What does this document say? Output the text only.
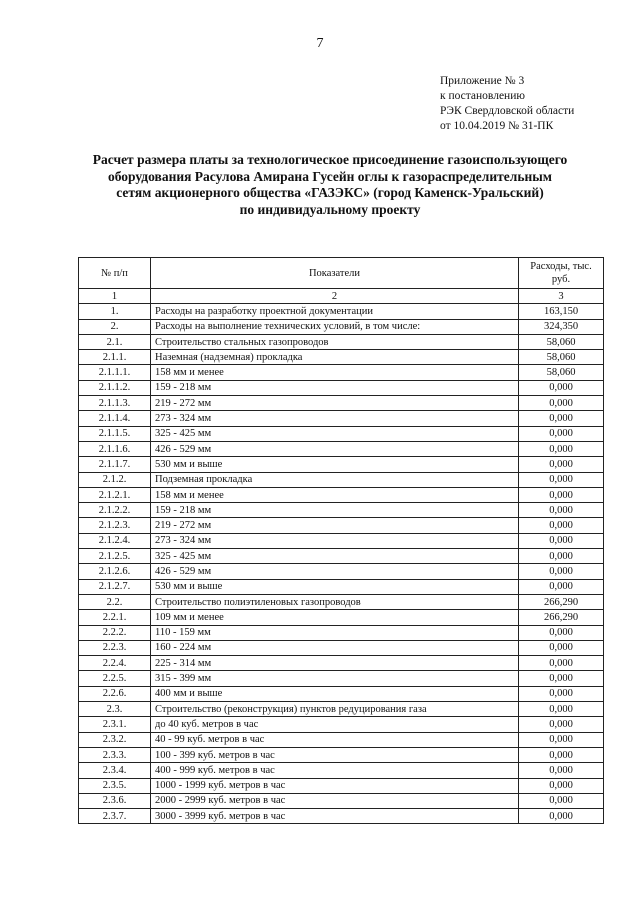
7
Приложение № 3
к постановлению
РЭК Свердловской области
от 10.04.2019 № 31-ПК
Расчет размера платы за технологическое присоединение газоиспользующего
оборудования Расулова Амирана Гусейн оглы к газораспределительным
сетям акционерного общества «ГАЗЭКС» (город Каменск-Уральский)
по индивидуальному проекту
№ п/п	Показатели	Расходы, тыс. руб.
1	2	3
1.	Расходы на разработку проектной документации	163,150
2.	Расходы на выполнение технических условий, в том числе:	324,350
2.1.	Строительство стальных газопроводов	58,060
2.1.1.	Наземная (надземная) прокладка	58,060
2.1.1.1.	158 мм и менее	58,060
2.1.1.2.	159 - 218 мм	0,000
2.1.1.3.	219 - 272 мм	0,000
2.1.1.4.	273 - 324 мм	0,000
2.1.1.5.	325 - 425 мм	0,000
2.1.1.6.	426 - 529 мм	0,000
2.1.1.7.	530 мм и выше	0,000
2.1.2.	Подземная прокладка	0,000
2.1.2.1.	158 мм и менее	0,000
2.1.2.2.	159 - 218 мм	0,000
2.1.2.3.	219 - 272 мм	0,000
2.1.2.4.	273 - 324 мм	0,000
2.1.2.5.	325 - 425 мм	0,000
2.1.2.6.	426 - 529 мм	0,000
2.1.2.7.	530 мм и выше	0,000
2.2.	Строительство полиэтиленовых газопроводов	266,290
2.2.1.	109 мм и менее	266,290
2.2.2.	110 - 159 мм	0,000
2.2.3.	160 - 224 мм	0,000
2.2.4.	225 - 314 мм	0,000
2.2.5.	315 - 399 мм	0,000
2.2.6.	400 мм и выше	0,000
2.3.	Строительство (реконструкция) пунктов редуцирования газа	0,000
2.3.1.	до 40 куб. метров в час	0,000
2.3.2.	40 - 99 куб. метров в час	0,000
2.3.3.	100 - 399 куб. метров в час	0,000
2.3.4.	400 - 999 куб. метров в час	0,000
2.3.5.	1000 - 1999 куб. метров в час	0,000
2.3.6.	2000 - 2999 куб. метров в час	0,000
2.3.7.	3000 - 3999 куб. метров в час	0,000
